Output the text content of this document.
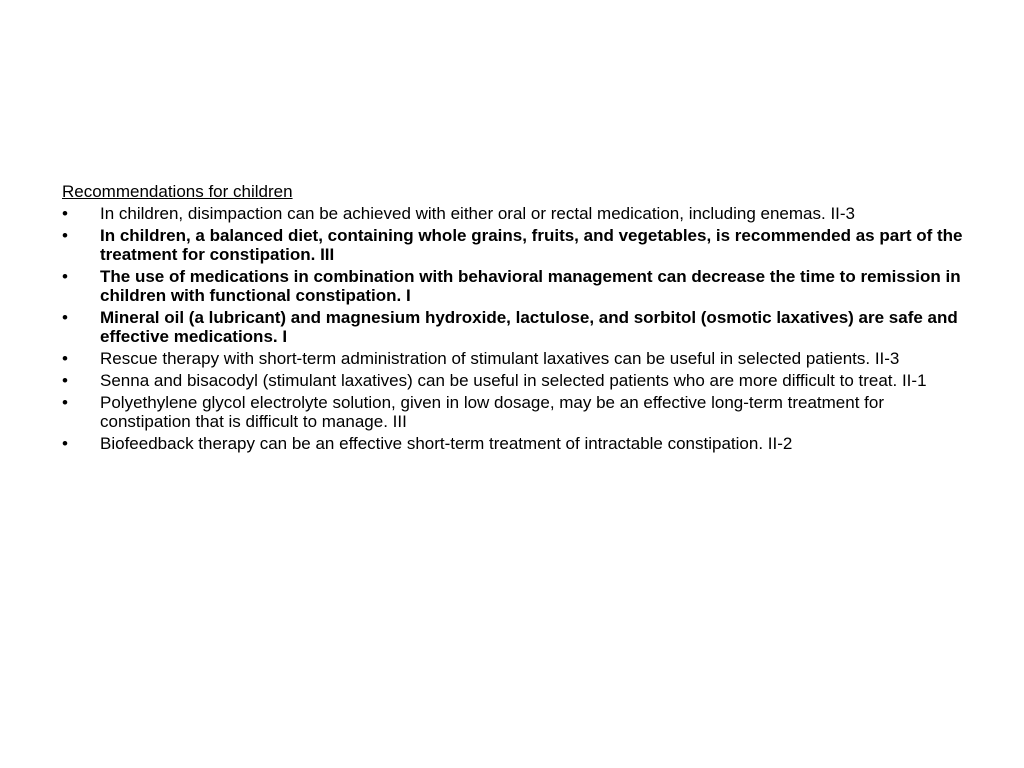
Recommendations for children
•	In children, disimpaction can be achieved with either oral or rectal medication, including enemas. II-3
•	In children, a balanced diet, containing whole grains, fruits, and vegetables, is recommended as part of the treatment for constipation. III
•	The use of medications in combination with behavioral management can decrease the time to remission in children with functional constipation. I
•	Mineral oil (a lubricant) and magnesium hydroxide, lactulose, and sorbitol (osmotic laxatives) are safe and effective medications. I
•	Rescue therapy with short-term administration of stimulant laxatives can be useful in selected patients. II-3
•	Senna and bisacodyl (stimulant laxatives) can be useful in selected patients who are more difficult to treat. II-1
•	Polyethylene glycol electrolyte solution, given in low dosage, may be an effective long-term treatment for constipation that is difficult to manage. III
•	Biofeedback therapy can be an effective short-term treatment of intractable constipation. II-2
